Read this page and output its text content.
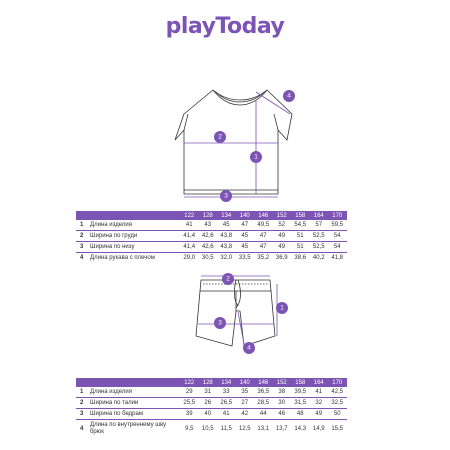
playToday
2
1
3
4
		122	128	134	140	146	152	158	164	170
1	Длина изделия	41	43	45	47	49,5	52	54,5	57	59,5
2	Ширина по груди	41,4	42,6	43,8	45	47	49	51	52,5	54
3	Ширина по низу	41,4	42,6	43,8	45	47	49	51	52,5	54
4	Длина рукава с плечом	29,0	30,5	32,0	33,5	35,2	36,9	38,6	40,2	41,8
2
1
3
4
		122	128	134	140	146	152	158	164	170
1	Длина изделия	29	31	33	35	36,5	38	39,5	41	42,5
2	Ширина по талии	25,5	26	26,5	27	28,5	30	31,5	32	32,5
3	Ширина по бедрам	39	40	41	42	44	46	48	49	50
4	Длина по внутреннему шву брюк	9,5	10,5	11,5	12,5	13,1	13,7	14,3	14,9	15,5
